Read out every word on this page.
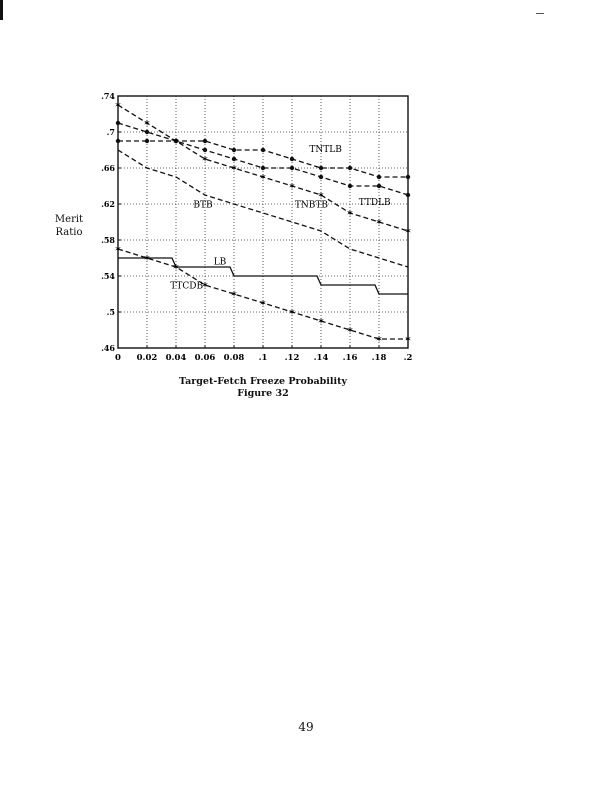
0 0.02 0.04 0.06 0.08 .1 .12 .14 .16 .18 .2
.46
.5
.54
.58
.62
.66
.7
.74
✶
✶
✶
✶
✶
✶
✶
✶
✶
✶
✶
✶
✶
✶
✶
✶
✶
✶
✶
✶
✶ ✶
TNTLB
BTB	TNBTB	TTDLB
LB
TTCDB
Merit
Ratio
Target-Fetch Freeze Probability
Figure 32
49
